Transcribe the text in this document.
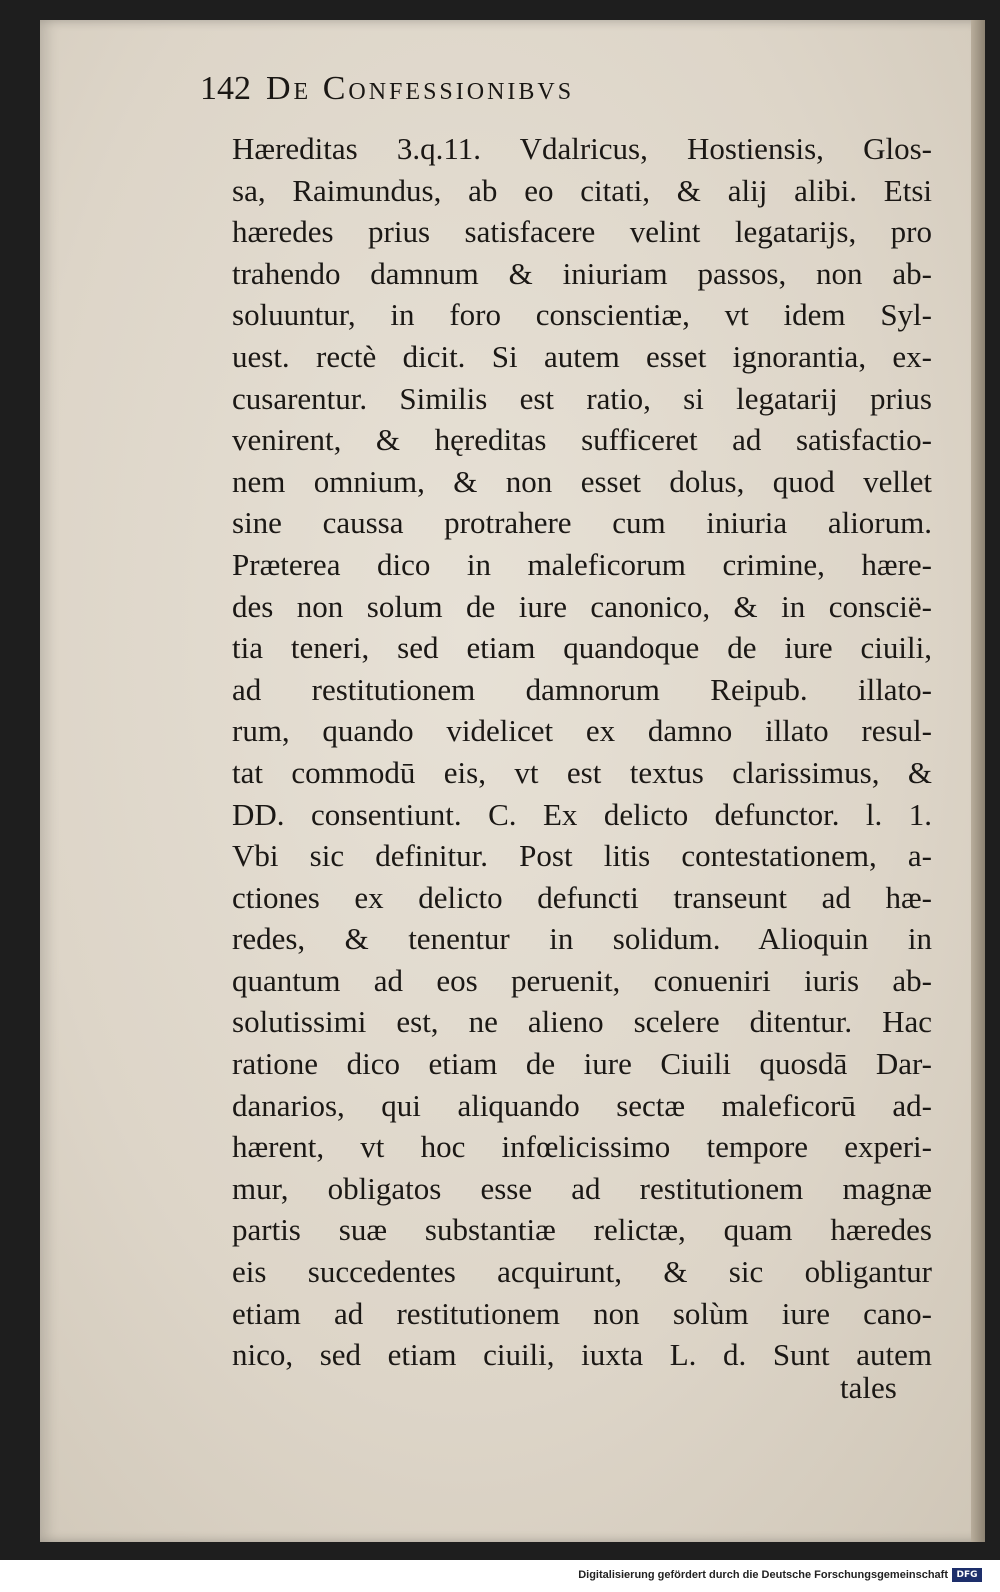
142 De Confessionibvs
Hæreditas 3.q.11. Vdalricus, Hostiensis, Glos-
sa, Raimundus, ab eo citati, & alij alibi. Etsi
hæredes prius satisfacere velint legatarijs, pro
trahendo damnum & iniuriam passos, non ab-
soluuntur, in foro conscientiæ, vt idem Syl-
uest. rectè dicit. Si autem esset ignorantia, ex-
cusarentur. Similis est ratio, si legatarij prius
venirent, & hęreditas sufficeret ad satisfactio-
nem omnium, & non esset dolus, quod vellet
sine caussa protrahere cum iniuria aliorum.
Præterea dico in maleficorum crimine, hære-
des non solum de iure canonico, & in conscië-
tia teneri, sed etiam quandoque de iure ciuili,
ad restitutionem damnorum Reipub. illato-
rum, quando videlicet ex damno illato resul-
tat commodū eis, vt est textus clarissimus, &
DD. consentiunt. C. Ex delicto defunctor. l. 1.
Vbi sic definitur. Post litis contestationem, a-
ctiones ex delicto defuncti transeunt ad hæ-
redes, & tenentur in solidum. Alioquin in
quantum ad eos peruenit, conueniri iuris ab-
solutissimi est, ne alieno scelere ditentur. Hac
ratione dico etiam de iure Ciuili quosdā Dar-
danarios, qui aliquando sectæ maleficorū ad-
hærent, vt hoc infœlicissimo tempore experi-
mur, obligatos esse ad restitutionem magnæ
partis suæ substantiæ relictæ, quam hæredes
eis succedentes acquirunt, & sic obligantur
etiam ad restitutionem non solùm iure cano-
nico, sed etiam ciuili, iuxta L. d. Sunt autem
tales
Digitalisierung gefördert durch die Deutsche Forschungsgemeinschaft DFG
